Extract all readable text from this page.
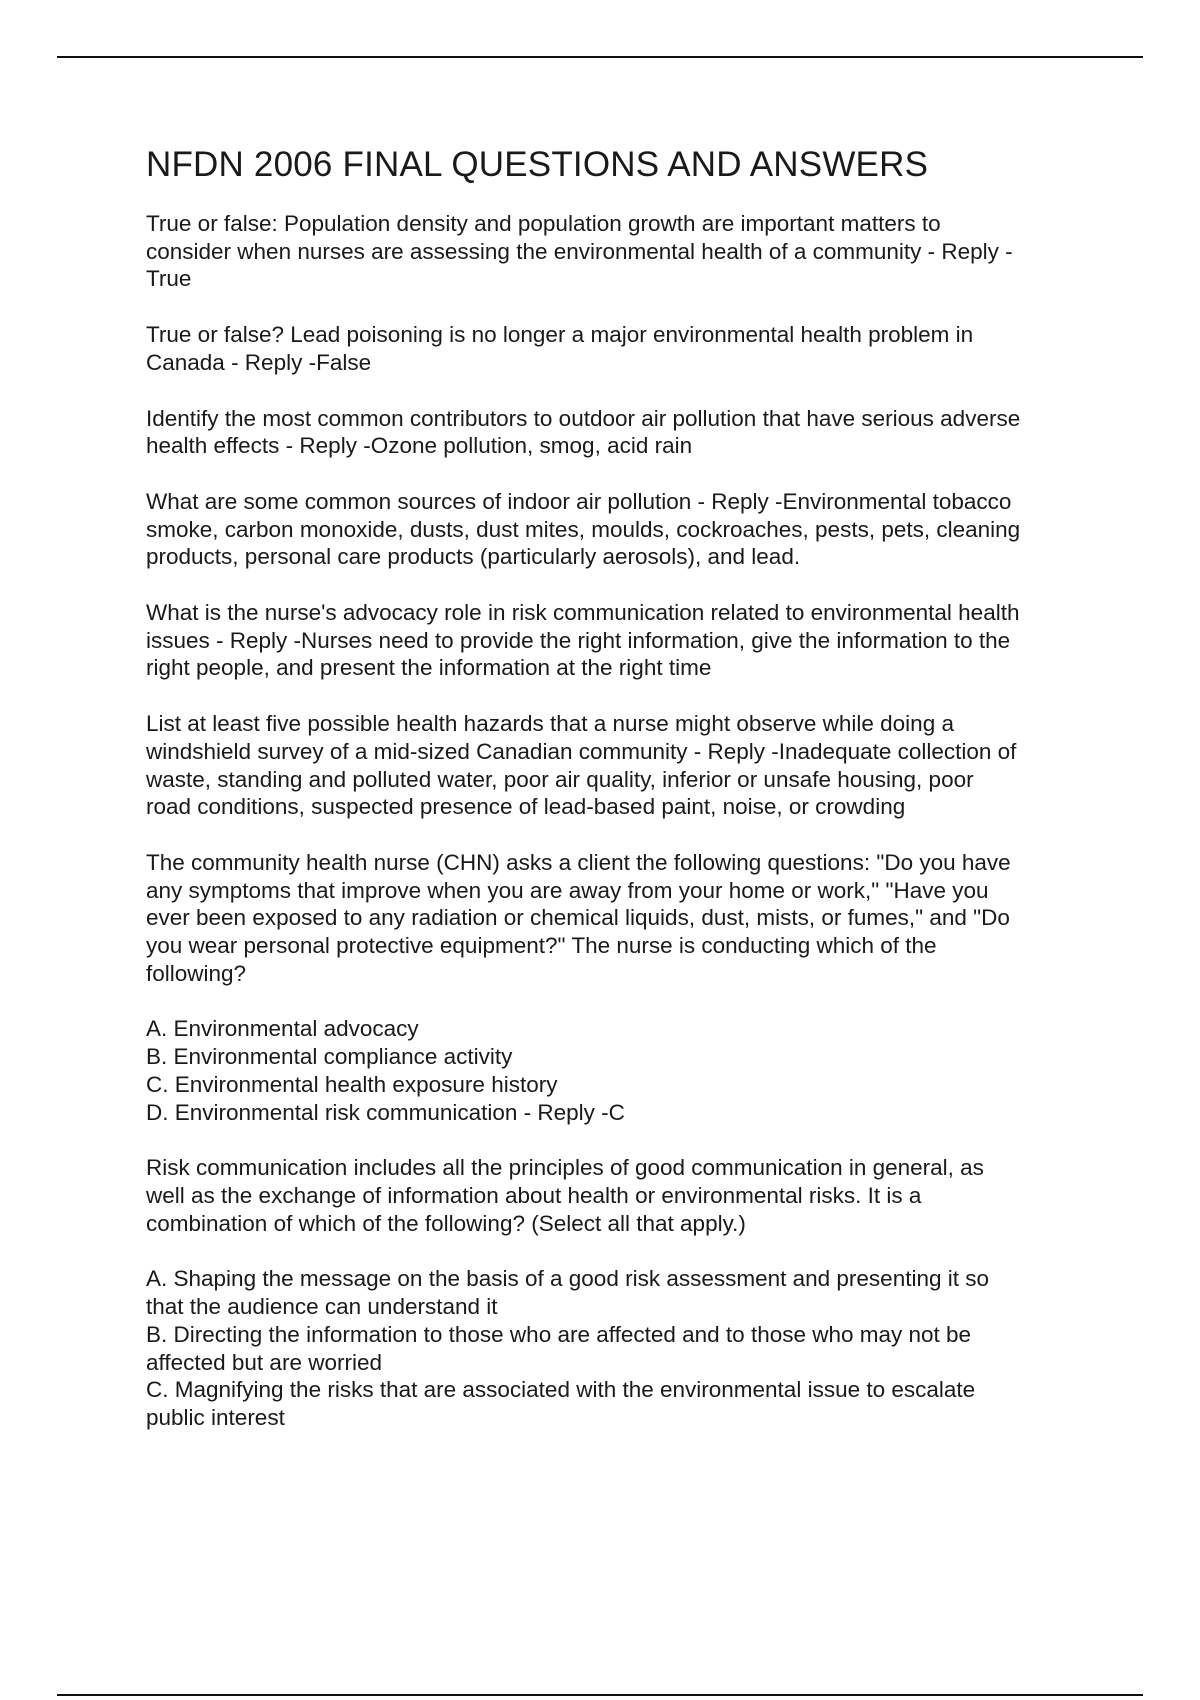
NFDN 2006 FINAL QUESTIONS AND ANSWERS

True or false: Population density and population growth are important matters to
consider when nurses are assessing the environmental health of a community - Reply -
True

True or false? Lead poisoning is no longer a major environmental health problem in
Canada - Reply -False

Identify the most common contributors to outdoor air pollution that have serious adverse
health effects - Reply -Ozone pollution, smog, acid rain

What are some common sources of indoor air pollution - Reply -Environmental tobacco
smoke, carbon monoxide, dusts, dust mites, moulds, cockroaches, pests, pets, cleaning
products, personal care products (particularly aerosols), and lead.

What is the nurse's advocacy role in risk communication related to environmental health
issues - Reply -Nurses need to provide the right information, give the information to the
right people, and present the information at the right time

List at least five possible health hazards that a nurse might observe while doing a
windshield survey of a mid-sized Canadian community - Reply -Inadequate collection of
waste, standing and polluted water, poor air quality, inferior or unsafe housing, poor
road conditions, suspected presence of lead-based paint, noise, or crowding

The community health nurse (CHN) asks a client the following questions: "Do you have
any symptoms that improve when you are away from your home or work," "Have you
ever been exposed to any radiation or chemical liquids, dust, mists, or fumes," and "Do
you wear personal protective equipment?" The nurse is conducting which of the
following?

A. Environmental advocacy
B. Environmental compliance activity
C. Environmental health exposure history
D. Environmental risk communication - Reply -C

Risk communication includes all the principles of good communication in general, as
well as the exchange of information about health or environmental risks. It is a
combination of which of the following? (Select all that apply.)

A. Shaping the message on the basis of a good risk assessment and presenting it so
that the audience can understand it
B. Directing the information to those who are affected and to those who may not be
affected but are worried
C. Magnifying the risks that are associated with the environmental issue to escalate
public interest
